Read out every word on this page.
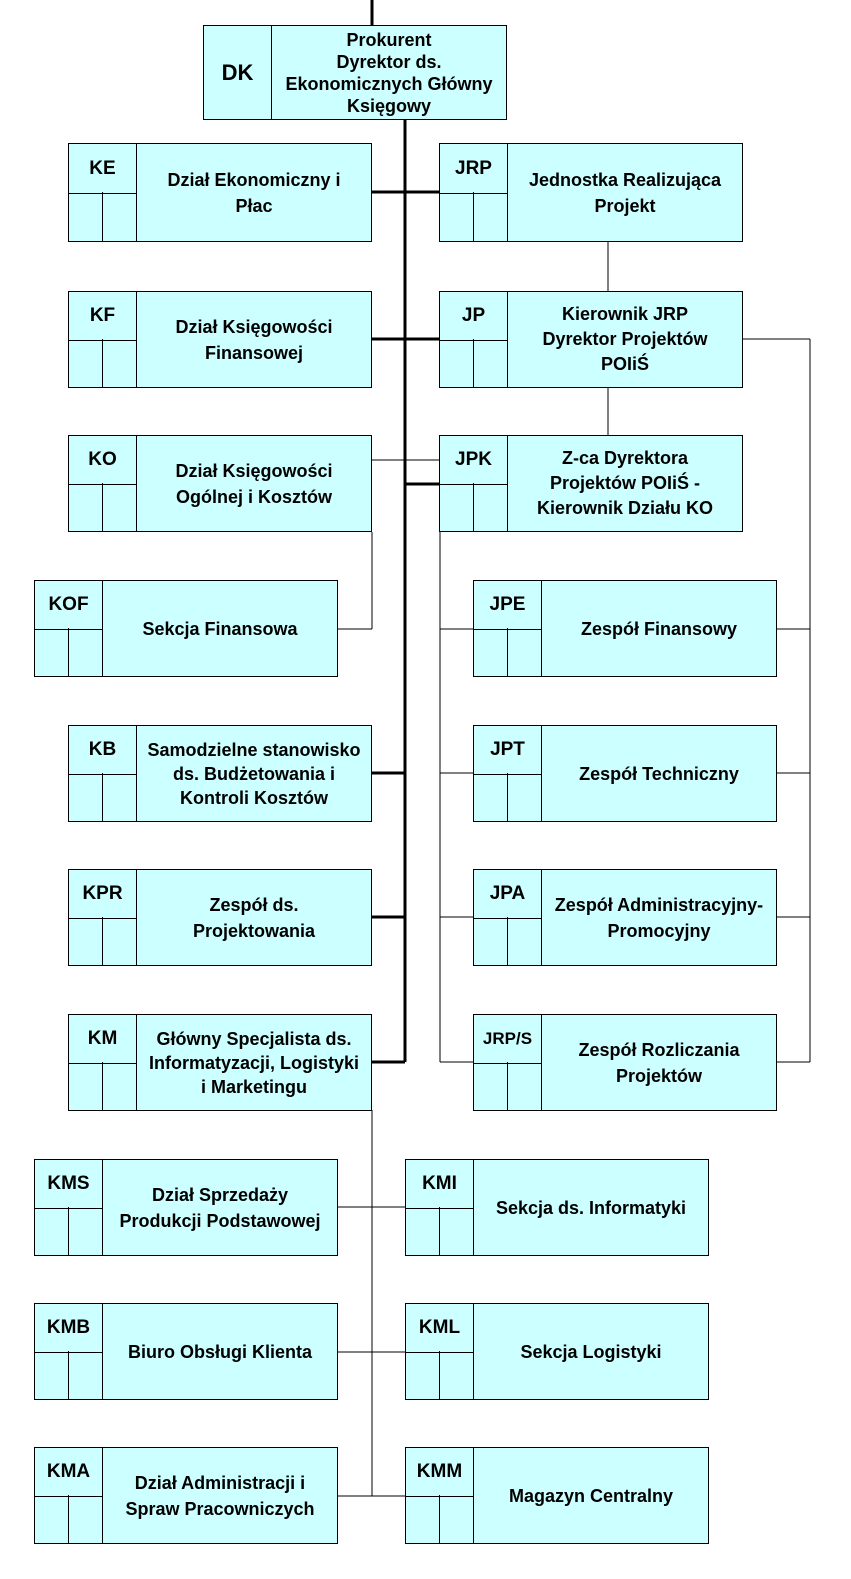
DK
Prokurent
Dyrektor ds.
Ekonomicznych Główny
Księgowy
KE
Dział Ekonomiczny i
Płac
KF
Dział Księgowości
Finansowej
KO
Dział Księgowości
Ogólnej i Kosztów
KOF
Sekcja Finansowa
KB	Samodzielne stanowisko
ds. Budżetowania i
Kontroli Kosztów
KPR
Zespół ds.
Projektowania
KM	Główny Specjalista ds.
Informatyzacji, Logistyki
i Marketingu
JRP
Jednostka Realizująca
Projekt
JP	Kierownik JRP
Dyrektor Projektów
POIiŚ
JPK	Z-ca Dyrektora
Projektów POIiŚ -
Kierownik Działu KO
JPE
Zespół Finansowy
JPT
Zespół Techniczny
JPA
Zespół Administracyjny-
Promocyjny
JRP/S
Zespół Rozliczania
Projektów
KMS
Dział Sprzedaży
Produkcji Podstawowej
KMI
Sekcja ds. Informatyki
KMB
Biuro Obsługi Klienta
KML
Sekcja Logistyki
KMA
Dział Administracji i
Spraw Pracowniczych
KMM
Magazyn Centralny
